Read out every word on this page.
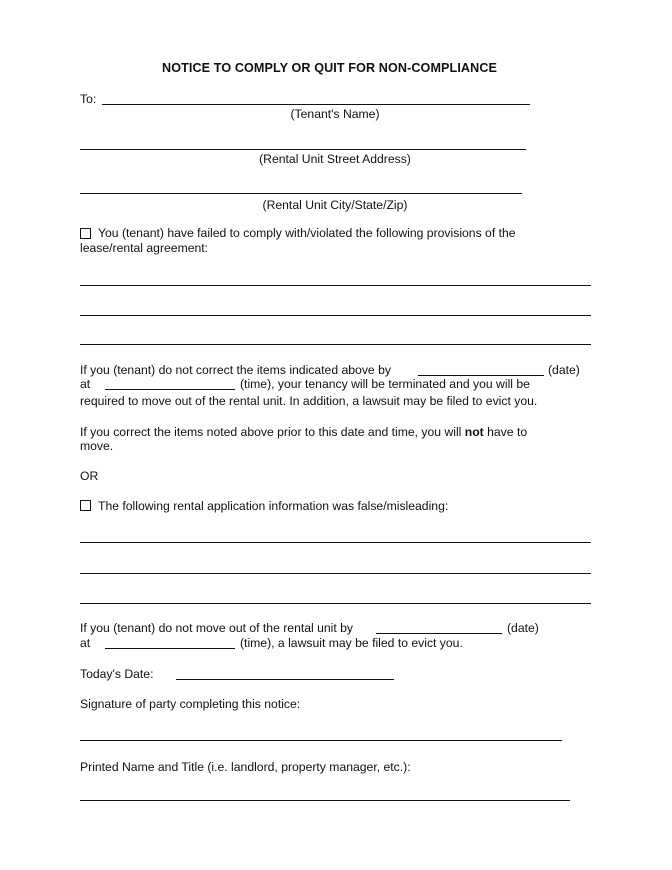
NOTICE TO COMPLY OR QUIT FOR NON-COMPLIANCE
To:
(Tenant's Name)
(Rental Unit Street Address)
(Rental Unit City/State/Zip)
You (tenant) have failed to comply with/violated the following provisions of the
lease/rental agreement:
If you (tenant) do not correct the items indicated above by	(date)
at	(time), your tenancy will be terminated and you will be
required to move out of the rental unit. In addition, a lawsuit may be filed to evict you.
If you correct the items noted above prior to this date and time, you will not have to
move.
OR
The following rental application information was false/misleading:
If you (tenant) do not move out of the rental unit by	(date)
at	(time), a lawsuit may be filed to evict you.
Today's Date:
Signature of party completing this notice:
Printed Name and Title (i.e. landlord, property manager, etc.):
